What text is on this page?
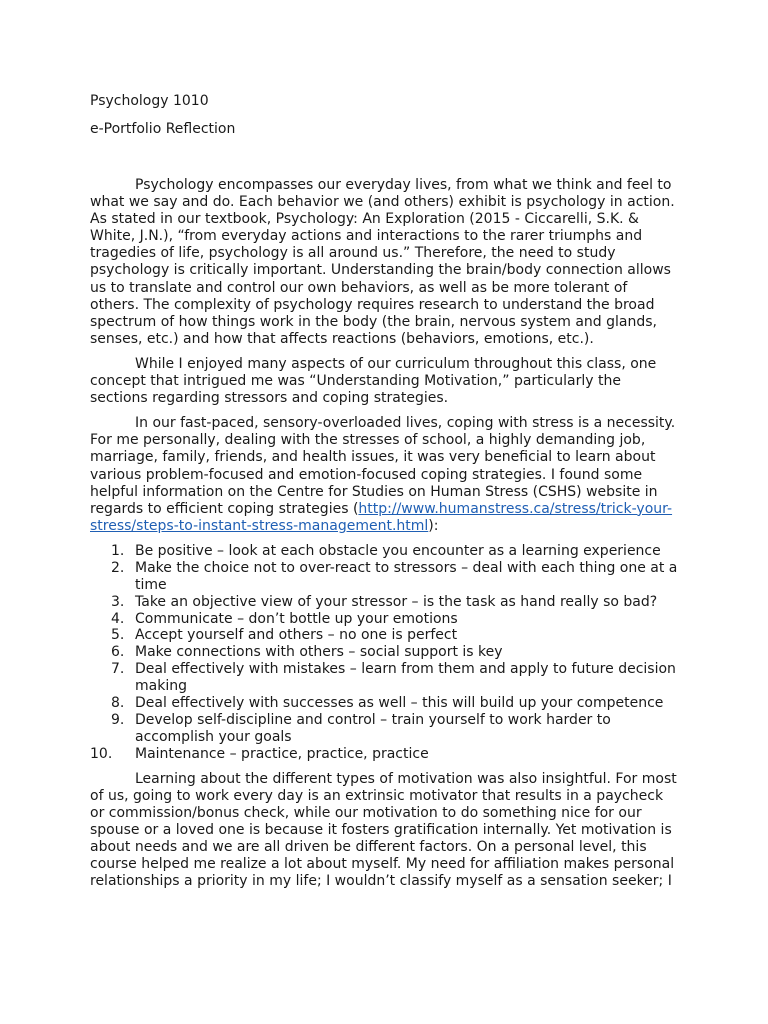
Psychology 1010
e-Portfolio Reflection

Psychology encompasses our everyday lives, from what we think and feel to what we say and do. Each behavior we (and others) exhibit is psychology in action. As stated in our textbook, Psychology: An Exploration (2015 - Ciccarelli, S.K. & White, J.N.), “from everyday actions and interactions to the rarer triumphs and tragedies of life, psychology is all around us.” Therefore, the need to study psychology is critically important. Understanding the brain/body connection allows us to translate and control our own behaviors, as well as be more tolerant of others. The complexity of psychology requires research to understand the broad spectrum of how things work in the body (the brain, nervous system and glands, senses, etc.) and how that affects reactions (behaviors, emotions, etc.).

While I enjoyed many aspects of our curriculum throughout this class, one concept that intrigued me was “Understanding Motivation,” particularly the sections regarding stressors and coping strategies.

In our fast-paced, sensory-overloaded lives, coping with stress is a necessity. For me personally, dealing with the stresses of school, a highly demanding job, marriage, family, friends, and health issues, it was very beneficial to learn about various problem-focused and emotion-focused coping strategies. I found some helpful information on the Centre for Studies on Human Stress (CSHS) website in regards to efficient coping strategies (http://www.humanstress.ca/stress/trick-your-stress/steps-to-instant-stress-management.html):

1. Be positive – look at each obstacle you encounter as a learning experience
2. Make the choice not to over-react to stressors – deal with each thing one at a time
3. Take an objective view of your stressor – is the task as hand really so bad?
4. Communicate – don’t bottle up your emotions
5. Accept yourself and others – no one is perfect
6. Make connections with others – social support is key
7. Deal effectively with mistakes – learn from them and apply to future decision making
8. Deal effectively with successes as well – this will build up your competence
9. Develop self-discipline and control – train yourself to work harder to accomplish your goals
10. Maintenance – practice, practice, practice

Learning about the different types of motivation was also insightful. For most of us, going to work every day is an extrinsic motivator that results in a paycheck or commission/bonus check, while our motivation to do something nice for our spouse or a loved one is because it fosters gratification internally. Yet motivation is about needs and we are all driven be different factors. On a personal level, this course helped me realize a lot about myself. My need for affiliation makes personal relationships a priority in my life; I wouldn’t classify myself as a sensation seeker; I
